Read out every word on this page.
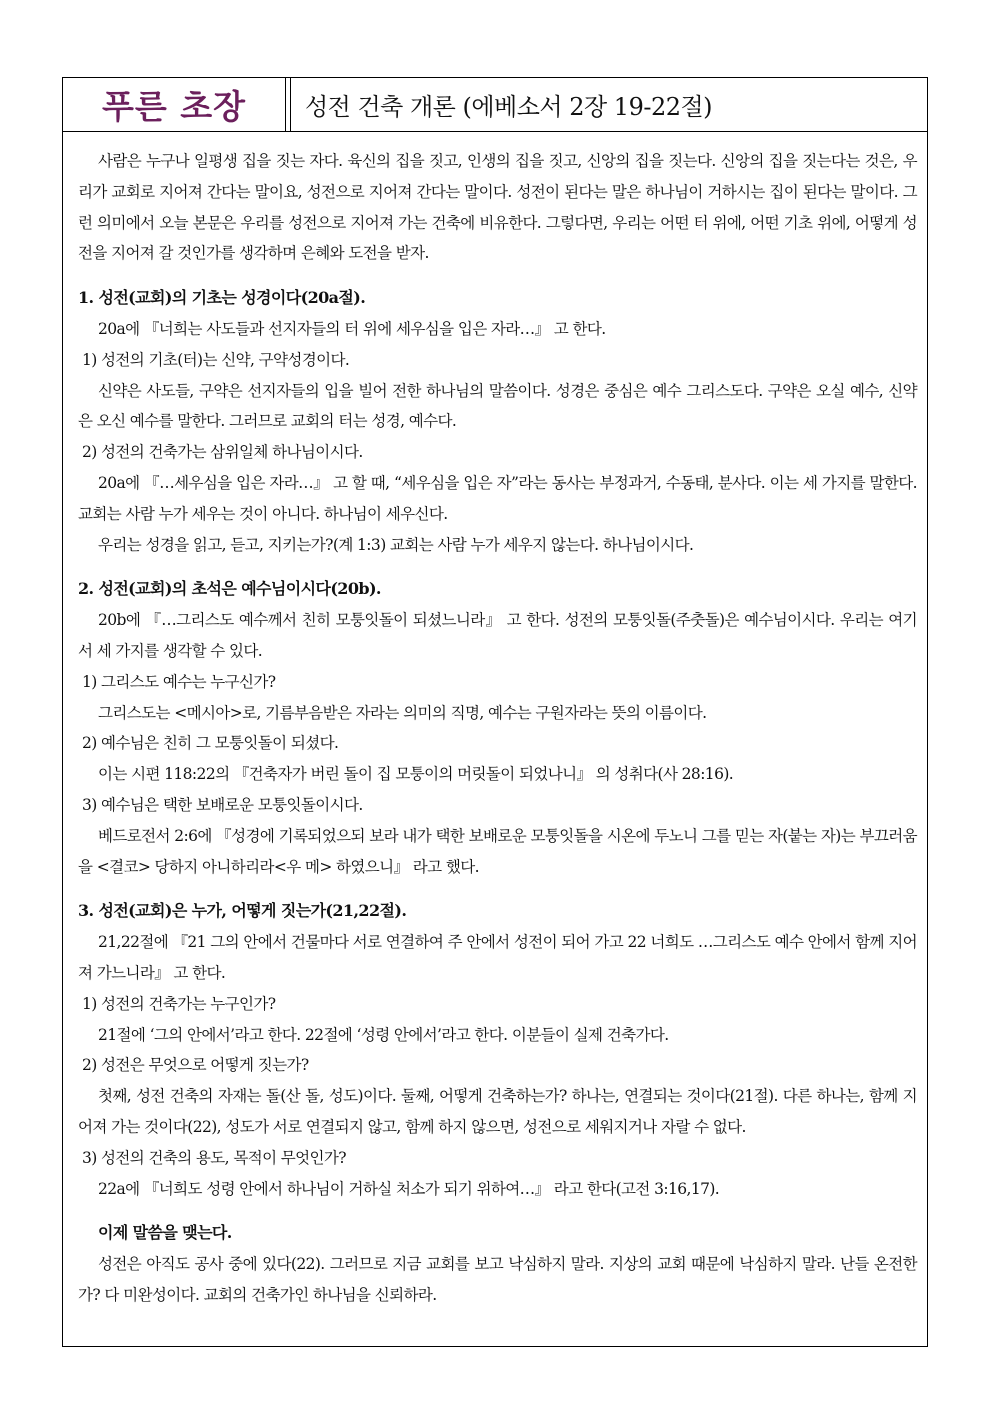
푸른 초장 성전 건축 개론 (에베소서 2장 19-22절)

사람은 누구나 일평생 집을 짓는 자다. 육신의 집을 짓고, 인생의 집을 짓고, 신앙의 집을 짓는다. 신앙의 집을 짓는다는 것은, 우리가 교회로 지어져 간다는 말이요, 성전으로 지어져 간다는 말이다. 성전이 된다는 말은 하나님이 거하시는 집이 된다는 말이다. 그런 의미에서 오늘 본문은 우리를 성전으로 지어져 가는 건축에 비유한다. 그렇다면, 우리는 어떤 터 위에, 어떤 기초 위에, 어떻게 성전을 지어져 갈 것인가를 생각하며 은혜와 도전을 받자.

1. 성전(교회)의 기초는 성경이다(20a절).

20a에 『너희는 사도들과 선지자들의 터 위에 세우심을 입은 자라…』 고 한다.

1) 성전의 기초(터)는 신약, 구약성경이다.

신약은 사도들, 구약은 선지자들의 입을 빌어 전한 하나님의 말씀이다. 성경은 중심은 예수 그리스도다. 구약은 오실 예수, 신약은 오신 예수를 말한다. 그러므로 교회의 터는 성경, 예수다.

2) 성전의 건축가는 삼위일체 하나님이시다.

20a에 『…세우심을 입은 자라…』 고 할 때, “세우심을 입은 자”라는 동사는 부정과거, 수동태, 분사다. 이는 세 가지를 말한다. 교회는 사람 누가 세우는 것이 아니다. 하나님이 세우신다.

우리는 성경을 읽고, 듣고, 지키는가?(계 1:3) 교회는 사람 누가 세우지 않는다. 하나님이시다.

2. 성전(교회)의 초석은 예수님이시다(20b).

20b에 『…그리스도 예수께서 친히 모퉁잇돌이 되셨느니라』 고 한다. 성전의 모퉁잇돌(주춧돌)은 예수님이시다. 우리는 여기서 세 가지를 생각할 수 있다.

1) 그리스도 예수는 누구신가?

그리스도는 <메시아>로, 기름부음받은 자라는 의미의 직명, 예수는 구원자라는 뜻의 이름이다.

2) 예수님은 친히 그 모퉁잇돌이 되셨다.

이는 시편 118:22의 『건축자가 버린 돌이 집 모퉁이의 머릿돌이 되었나니』 의 성취다(사 28:16).

3) 예수님은 택한 보배로운 모퉁잇돌이시다.

베드로전서 2:6에 『성경에 기록되었으되 보라 내가 택한 보배로운 모퉁잇돌을 시온에 두노니 그를 믿는 자(붙는 자)는 부끄러움을 <결코> 당하지 아니하리라<우 메> 하였으니』 라고 했다.

3. 성전(교회)은 누가, 어떻게 짓는가(21,22절).

21,22절에 『21 그의 안에서 건물마다 서로 연결하여 주 안에서 성전이 되어 가고 22 너희도 …그리스도 예수 안에서 함께 지어져 가느니라』 고 한다.

1) 성전의 건축가는 누구인가?

21절에 ‘그의 안에서’라고 한다. 22절에 ‘성령 안에서’라고 한다. 이분들이 실제 건축가다.

2) 성전은 무엇으로 어떻게 짓는가?

첫째, 성전 건축의 자재는 돌(산 돌, 성도)이다. 둘째, 어떻게 건축하는가? 하나는, 연결되는 것이다(21절). 다른 하나는, 함께 지어져 가는 것이다(22), 성도가 서로 연결되지 않고, 함께 하지 않으면, 성전으로 세워지거나 자랄 수 없다.

3) 성전의 건축의 용도, 목적이 무엇인가?

22a에 『너희도 성령 안에서 하나님이 거하실 처소가 되기 위하여…』 라고 한다(고전 3:16,17).

이제 말씀을 맺는다.

성전은 아직도 공사 중에 있다(22). 그러므로 지금 교회를 보고 낙심하지 말라. 지상의 교회 때문에 낙심하지 말라. 난들 온전한가? 다 미완성이다. 교회의 건축가인 하나님을 신뢰하라.
